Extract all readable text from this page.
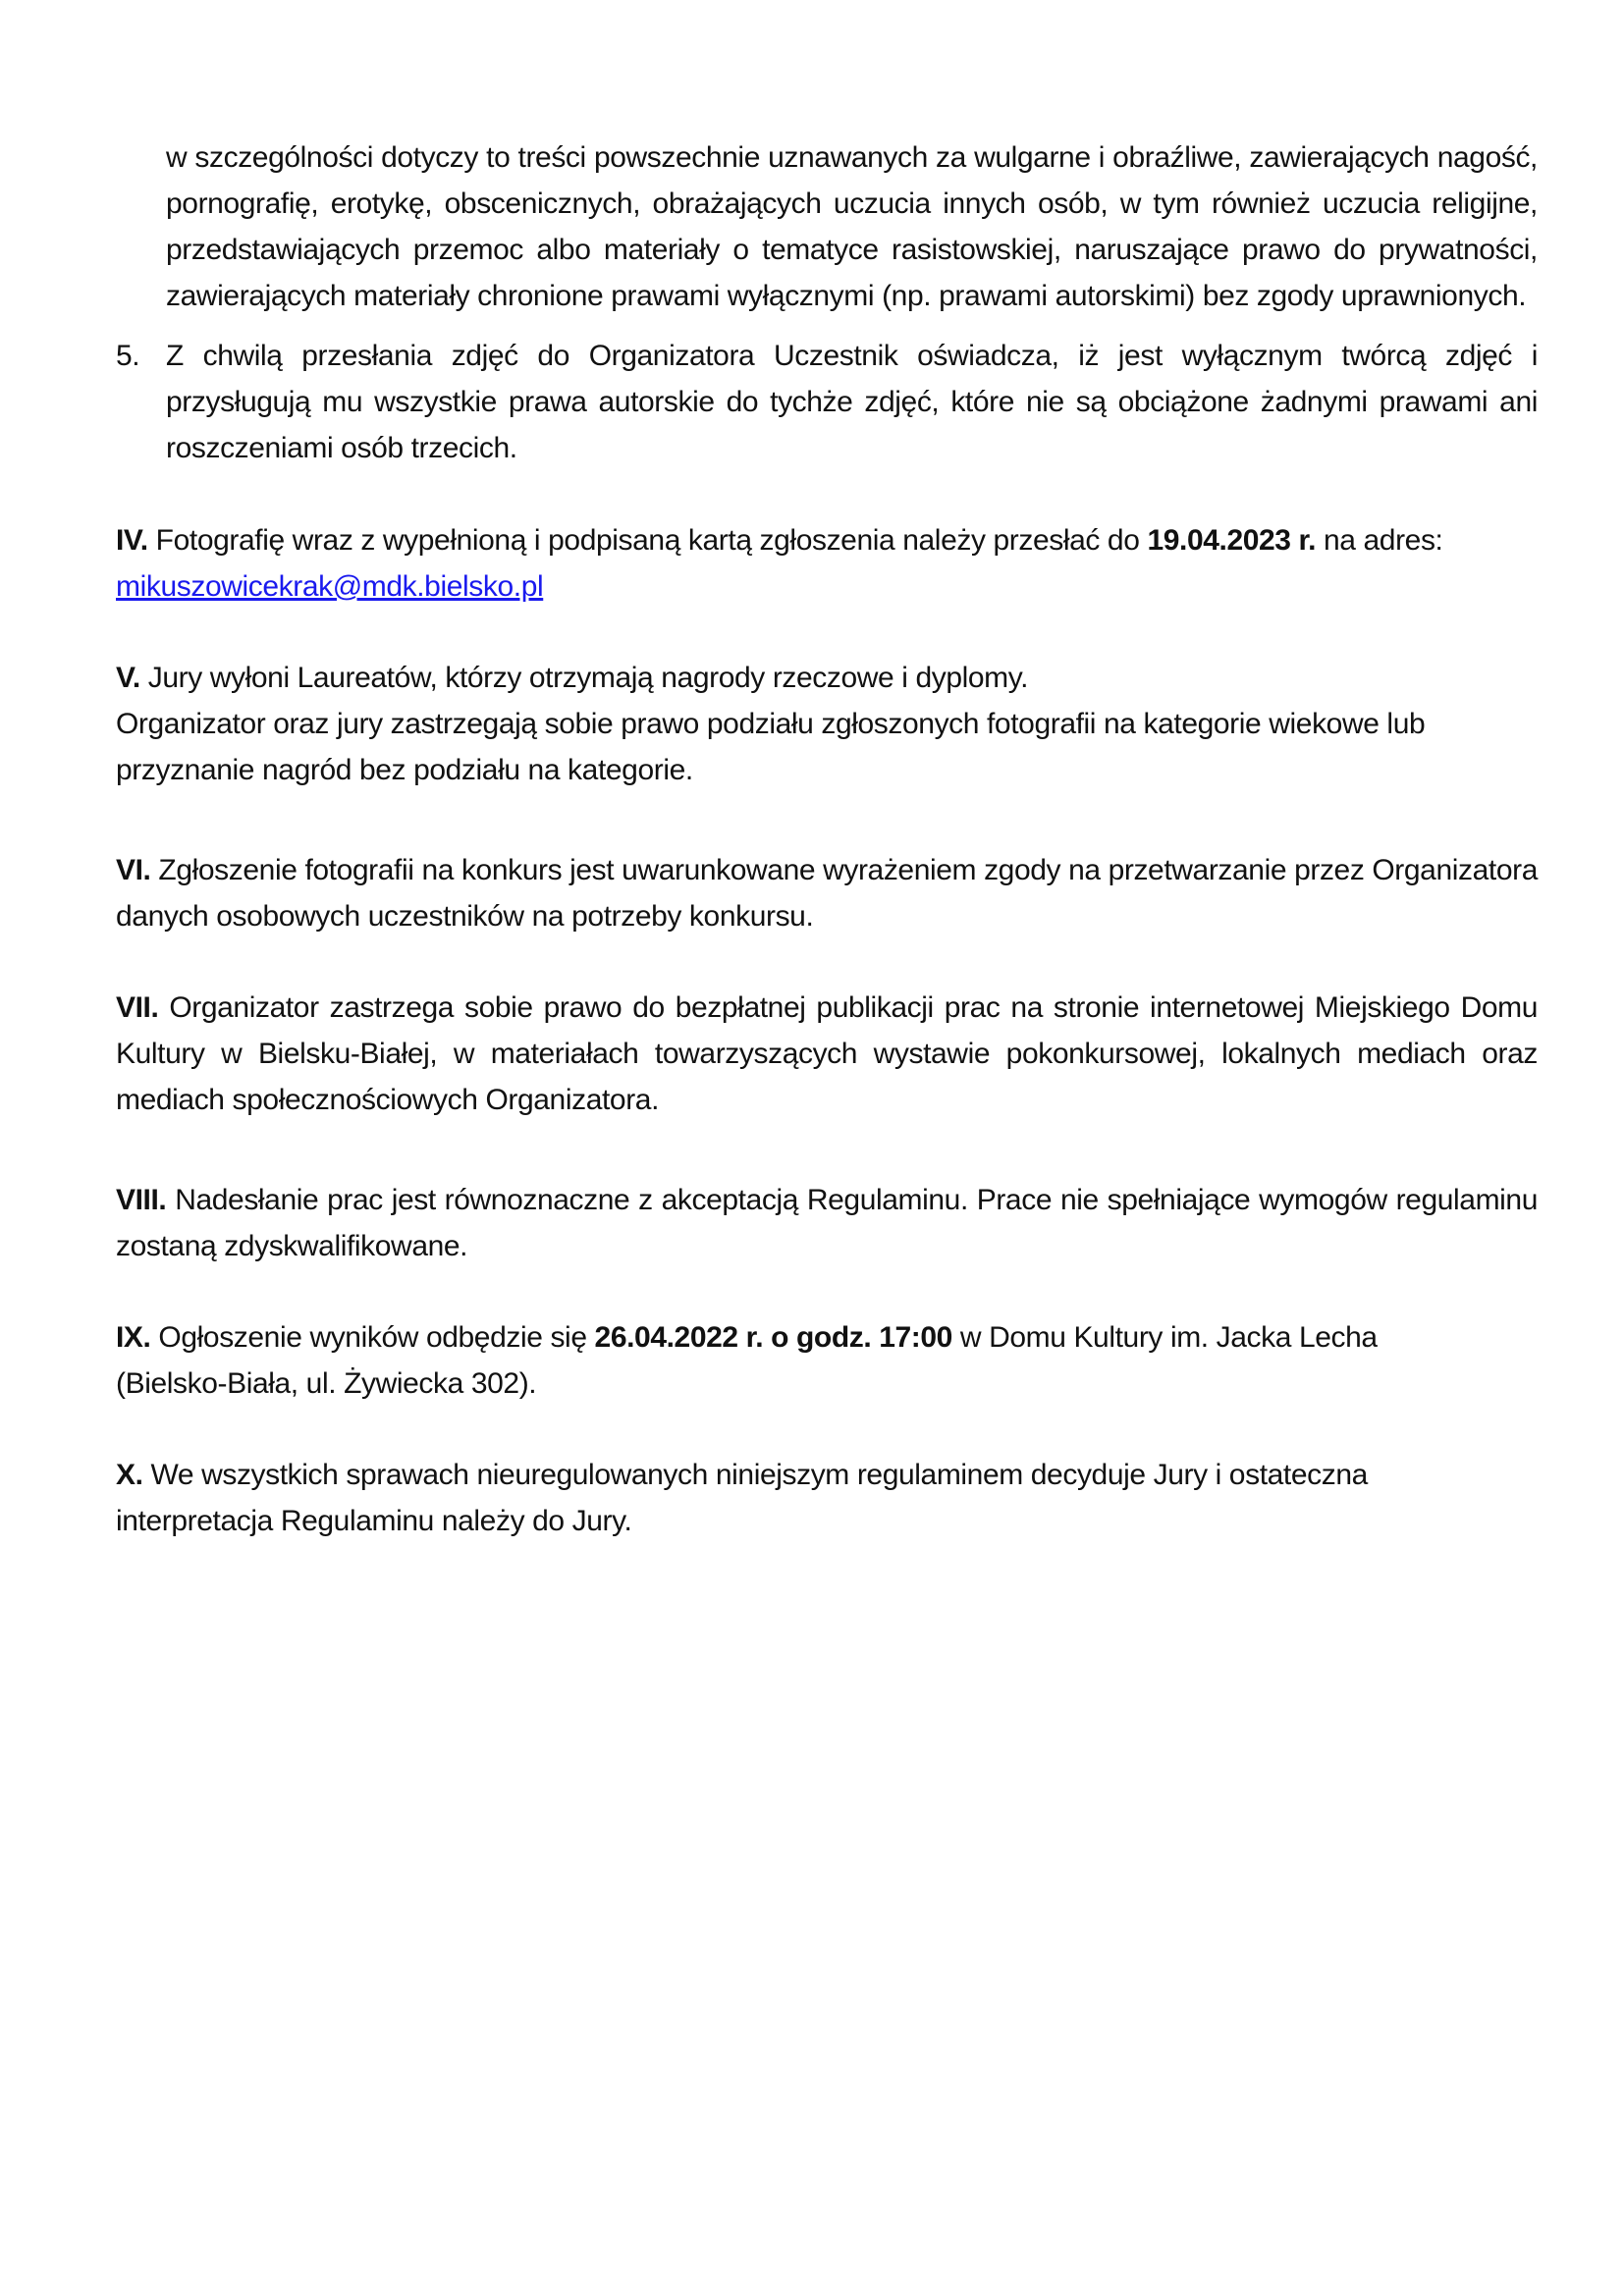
w szczególności dotyczy to treści powszechnie uznawanych za wulgarne i obraźliwe, zawierających nagość, pornografię, erotykę, obscenicznych, obrażających uczucia innych osób, w tym również uczucia religijne, przedstawiających przemoc albo materiały o tematyce rasistowskiej, naruszające prawo do prywatności, zawierających materiały chronione prawami wyłącznymi (np. prawami autorskimi) bez zgody uprawnionych.

5. Z chwilą przesłania zdjęć do Organizatora Uczestnik oświadcza, iż jest wyłącznym twórcą zdjęć i przysługują mu wszystkie prawa autorskie do tychże zdjęć, które nie są obciążone żadnymi prawami ani roszczeniami osób trzecich.

IV. Fotografię wraz z wypełnioną i podpisaną kartą zgłoszenia należy przesłać do 19.04.2023 r. na adres:
mikuszowicekrak@mdk.bielsko.pl

V. Jury wyłoni Laureatów, którzy otrzymają nagrody rzeczowe i dyplomy.
Organizator oraz jury zastrzegają sobie prawo podziału zgłoszonych fotografii na kategorie wiekowe lub przyznanie nagród bez podziału na kategorie.

VI. Zgłoszenie fotografii na konkurs jest uwarunkowane wyrażeniem zgody na przetwarzanie przez Organizatora danych osobowych uczestników na potrzeby konkursu.

VII. Organizator zastrzega sobie prawo do bezpłatnej publikacji prac na stronie internetowej Miejskiego Domu Kultury w Bielsku-Białej, w materiałach towarzyszących wystawie pokonkursowej, lokalnych mediach oraz mediach społecznościowych Organizatora.

VIII. Nadesłanie prac jest równoznaczne z akceptacją Regulaminu. Prace nie spełniające wymogów regulaminu zostaną zdyskwalifikowane.

IX. Ogłoszenie wyników odbędzie się 26.04.2022 r. o godz. 17:00 w Domu Kultury im. Jacka Lecha
(Bielsko-Biała, ul. Żywiecka 302).

X. We wszystkich sprawach nieuregulowanych niniejszym regulaminem decyduje Jury i ostateczna
interpretacja Regulaminu należy do Jury.
